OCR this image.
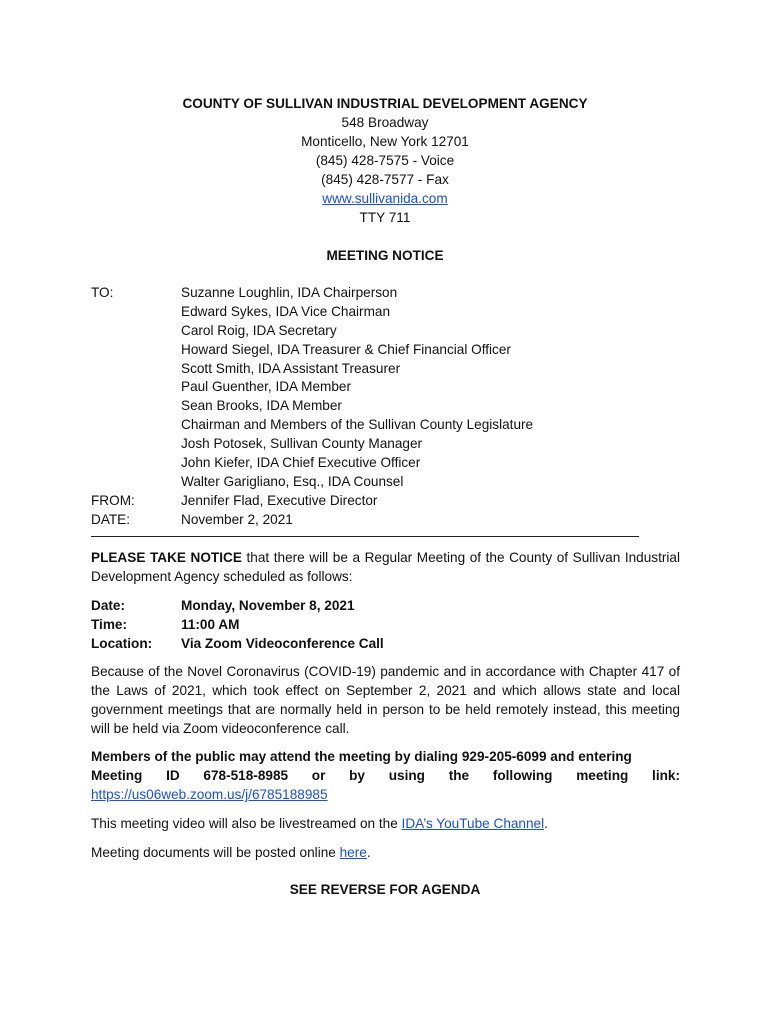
COUNTY OF SULLIVAN INDUSTRIAL DEVELOPMENT AGENCY
548 Broadway
Monticello, New York 12701
(845) 428-7575 - Voice
(845) 428-7577 - Fax
www.sullivanida.com
TTY 711
MEETING NOTICE
TO:	Suzanne Loughlin, IDA Chairperson
Edward Sykes, IDA Vice Chairman
Carol Roig, IDA Secretary
Howard Siegel, IDA Treasurer & Chief Financial Officer
Scott Smith, IDA Assistant Treasurer
Paul Guenther, IDA Member
Sean Brooks, IDA Member
Chairman and Members of the Sullivan County Legislature
Josh Potosek, Sullivan County Manager
John Kiefer, IDA Chief Executive Officer
Walter Garigliano, Esq., IDA Counsel
FROM:	Jennifer Flad, Executive Director
DATE:	November 2, 2021
PLEASE TAKE NOTICE that there will be a Regular Meeting of the County of Sullivan Industrial Development Agency scheduled as follows:
Date:	Monday, November 8, 2021
Time:	11:00 AM
Location: Via Zoom Videoconference Call
Because of the Novel Coronavirus (COVID-19) pandemic and in accordance with Chapter 417 of the Laws of 2021, which took effect on September 2, 2021 and which allows state and local government meetings that are normally held in person to be held remotely instead, this meeting will be held via Zoom videoconference call.
Members of the public may attend the meeting by dialing 929-205-6099 and entering
Meeting ID 678-518-8985 or by using the following meeting link:
https://us06web.zoom.us/j/6785188985
This meeting video will also be livestreamed on the IDA’s YouTube Channel.
Meeting documents will be posted online here.
SEE REVERSE FOR AGENDA
